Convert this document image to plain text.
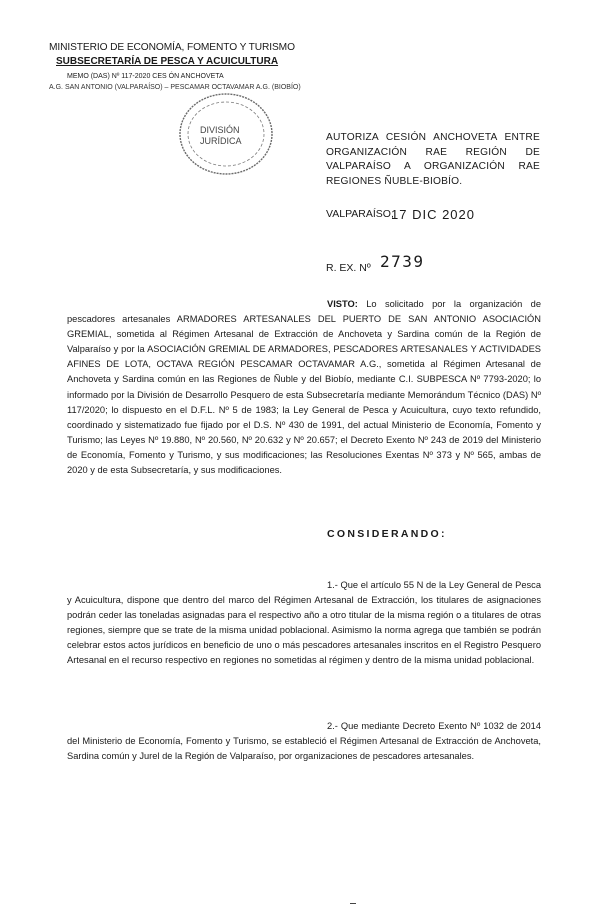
MINISTERIO DE ECONOMÍA, FOMENTO Y TURISMO
SUBSECRETARÍA DE PESCA Y ACUICULTURA
MEMO (DAS) Nº 117-2020 CES ÓN ANCHOVETA
A.G. SAN ANTONIO (VALPARAÍSO) – PESCAMAR OCTAVAMAR A.G. (BIOBÍO)
DIVISIÓN
JURÍDICA	AUTORIZA CESIÓN ANCHOVETA ENTRE ORGANIZACIÓN RAE REGIÓN DE VALPARAÍSO A ORGANIZACIÓN RAE REGIONES ÑUBLE-BIOBÍO.
VALPARAÍSO,
17 DIC 2020
R. EX. Nº 2739

VISTO: Lo solicitado por la organización de pescadores artesanales ARMADORES ARTESANALES DEL PUERTO DE SAN ANTONIO ASOCIACIÓN GREMIAL, sometida al Régimen Artesanal de Extracción de Anchoveta y Sardina común de la Región de Valparaíso y por la ASOCIACIÓN GREMIAL DE ARMADORES, PESCADORES ARTESANALES Y ACTIVIDADES AFINES DE LOTA, OCTAVA REGIÓN PESCAMAR OCTAVAMAR A.G., sometida al Régimen Artesanal de Anchoveta y Sardina común en las Regiones de Ñuble y del Biobío, mediante C.I. SUBPESCA Nº 7793-2020; lo informado por la División de Desarrollo Pesquero de esta Subsecretaría mediante Memorándum Técnico (DAS) Nº 117/2020; lo dispuesto en el D.F.L. Nº 5 de 1983; la Ley General de Pesca y Acuicultura, cuyo texto refundido, coordinado y sistematizado fue fijado por el D.S. Nº 430 de 1991, del actual Ministerio de Economía, Fomento y Turismo; las Leyes Nº 19.880, Nº 20.560, Nº 20.632 y Nº 20.657; el Decreto Exento Nº 243 de 2019 del Ministerio de Economía, Fomento y Turismo, y sus modificaciones; las Resoluciones Exentas Nº 373 y Nº 565, ambas de 2020 y de esta Subsecretaría, y sus modificaciones.

CONSIDERANDO:

1.- Que el artículo 55 N de la Ley General de Pesca y Acuicultura, dispone que dentro del marco del Régimen Artesanal de Extracción, los titulares de asignaciones podrán ceder las toneladas asignadas para el respectivo año a otro titular de la misma región o a titulares de otras regiones, siempre que se trate de la misma unidad poblacional. Asimismo la norma agrega que también se podrán celebrar estos actos jurídicos en beneficio de uno o más pescadores artesanales inscritos en el Registro Pesquero Artesanal en el recurso respectivo en regiones no sometidas al régimen y dentro de la misma unidad poblacional.

2.- Que mediante Decreto Exento Nº 1032 de 2014 del Ministerio de Economía, Fomento y Turismo, se estableció el Régimen Artesanal de Extracción de Anchoveta, Sardina común y Jurel de la Región de Valparaíso, por organizaciones de pescadores artesanales.
